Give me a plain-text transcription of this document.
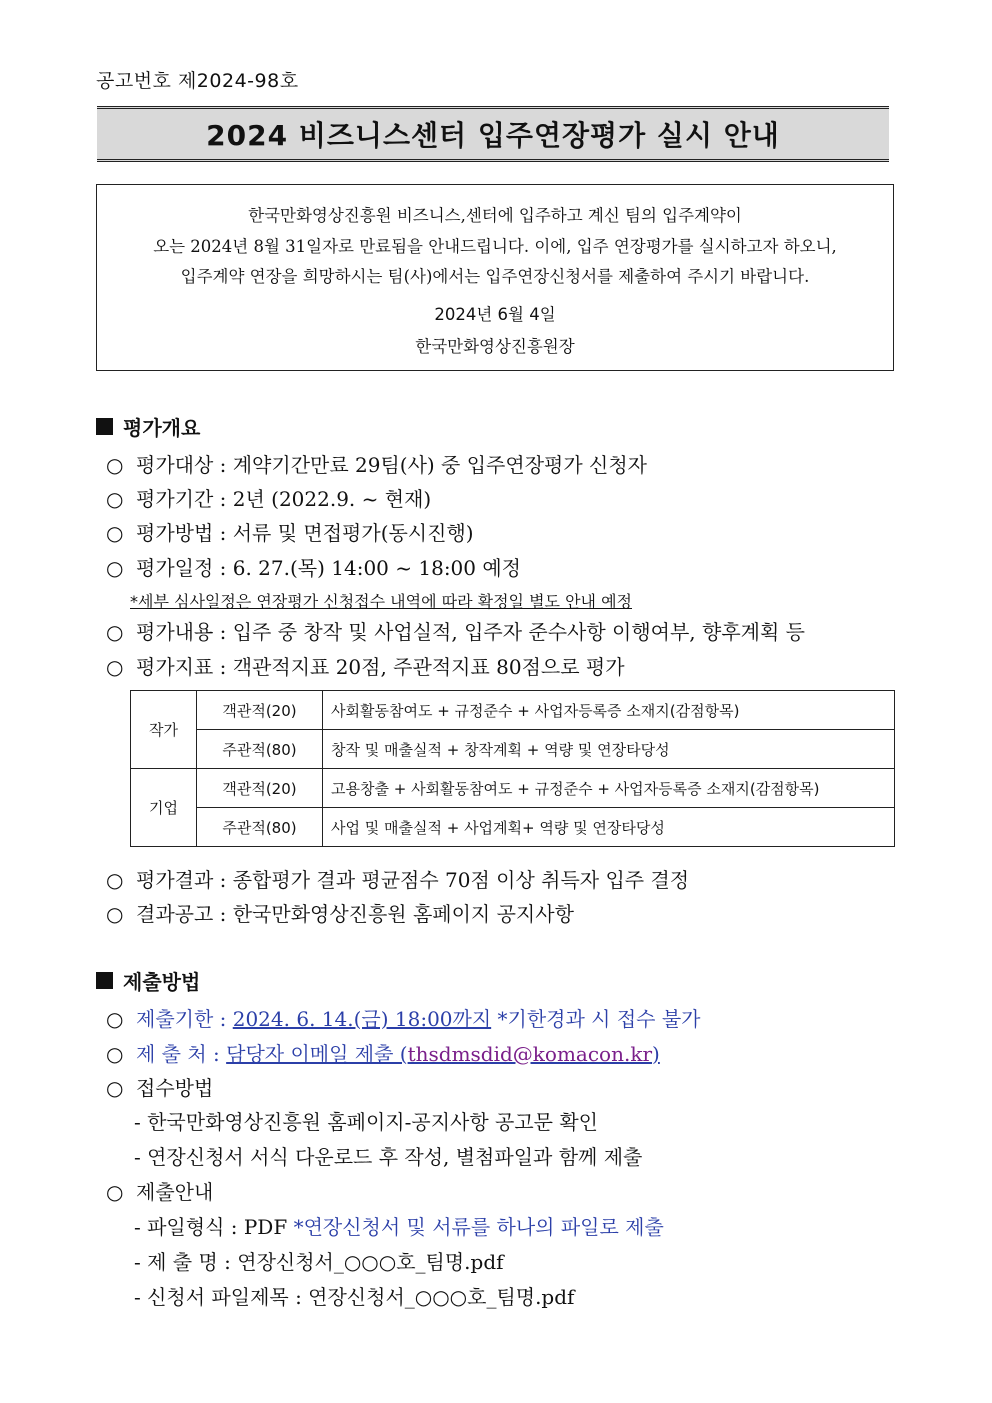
공고번호 제2024-98호
2024 비즈니스센터 입주연장평가 실시 안내
한국만화영상진흥원 비즈니스,센터에 입주하고 계신 팀의 입주계약이
오는 2024년 8월 31일자로 만료됨을 안내드립니다. 이에, 입주 연장평가를 실시하고자 하오니,
입주계약 연장을 희망하시는 팀(사)에서는 입주연장신청서를 제출하여 주시기 바랍니다.
2024년 6월 4일
한국만화영상진흥원장
평가개요
○ 평가대상 : 계약기간만료 29팀(사) 중 입주연장평가 신청자
○ 평가기간 : 2년 (2022.9. ~ 현재)
○ 평가방법 : 서류 및 면접평가(동시진행)
○ 평가일정 : 6. 27.(목) 14:00 ~ 18:00 예정
*세부 심사일정은 연장평가 신청접수 내역에 따라 확정일 별도 안내 예정
○ 평가내용 : 입주 중 창작 및 사업실적, 입주자 준수사항 이행여부, 향후계획 등
○ 평가지표 : 객관적지표 20점, 주관적지표 80점으로 평가
작가	객관적(20)	사회활동참여도 + 규정준수 + 사업자등록증 소재지(감점항목)
	주관적(80)	창작 및 매출실적 + 창작계획 + 역량 및 연장타당성
기업	객관적(20)	고용창출 + 사회활동참여도 + 규정준수 + 사업자등록증 소재지(감점항목)
	주관적(80)	사업 및 매출실적 + 사업계획+ 역량 및 연장타당성
○ 평가결과 : 종합평가 결과 평균점수 70점 이상 취득자 입주 결정
○ 결과공고 : 한국만화영상진흥원 홈페이지 공지사항
제출방법
○ 제출기한 : 2024. 6. 14.(금) 18:00까지 *기한경과 시 접수 불가
○ 제 출 처 : 담당자 이메일 제출 (thsdmsdid@komacon.kr)
○ 접수방법
- 한국만화영상진흥원 홈페이지-공지사항 공고문 확인
- 연장신청서 서식 다운로드 후 작성, 별첨파일과 함께 제출
○ 제출안내
- 파일형식 : PDF *연장신청서 및 서류를 하나의 파일로 제출
- 제 출 명 : 연장신청서_○○○호_팀명.pdf
- 신청서 파일제목 : 연장신청서_○○○호_팀명.pdf
